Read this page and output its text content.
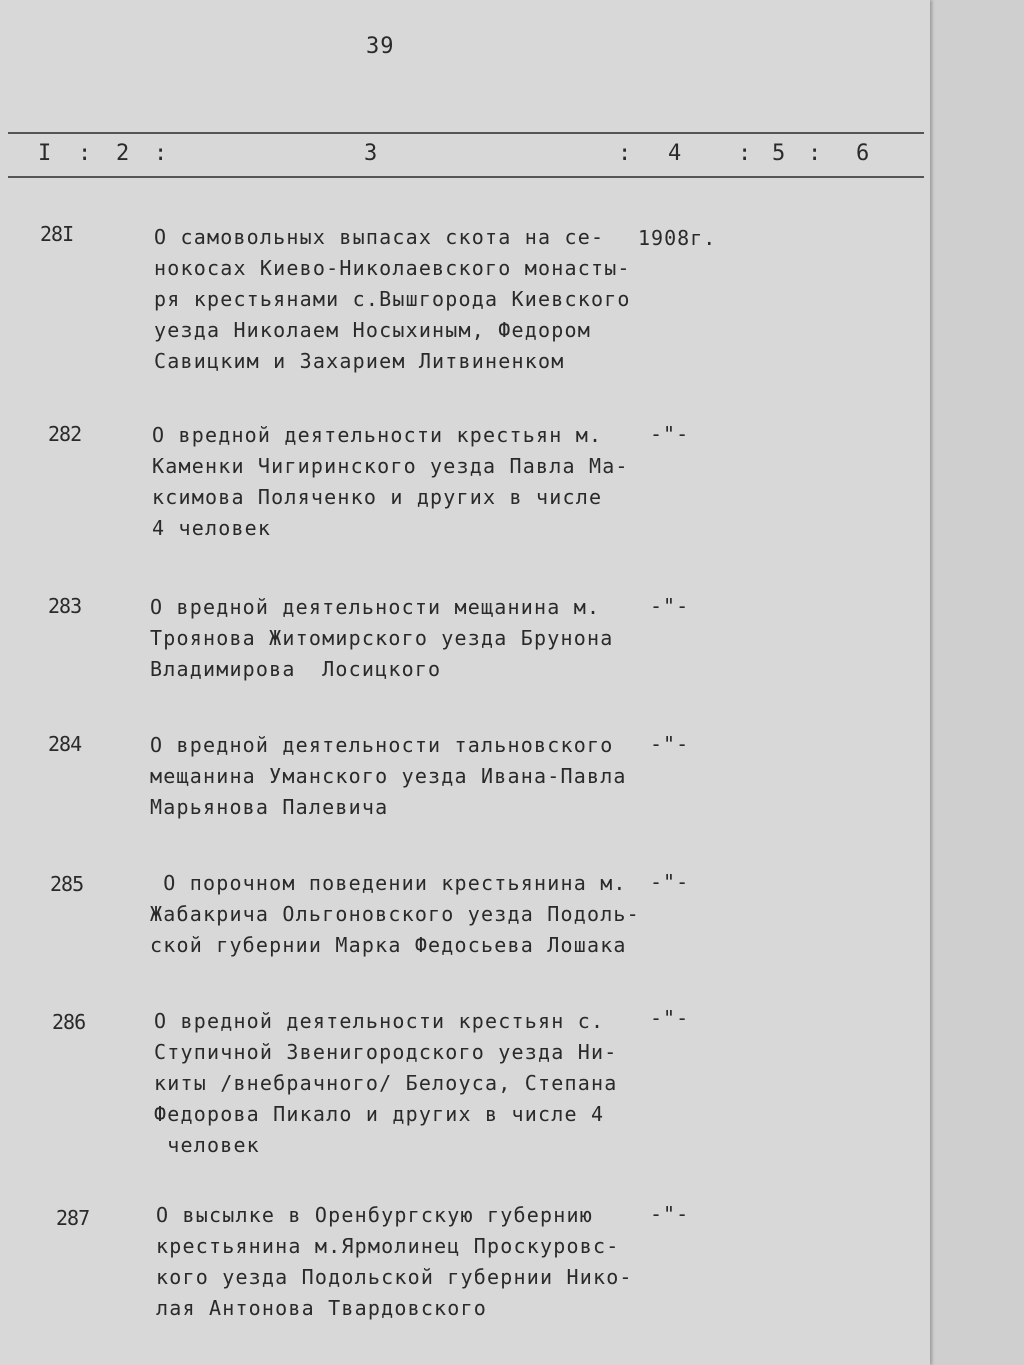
39
I : 2 :	3	: 4 : 5 : 6
28I	О самовольных выпасах скота на се-
нокосах Киево-Николаевского монасты-
ря крестьянами с.Вышгорода Киевского
уезда Николаем Носыхиным, Федором
Савицким и Захарием Литвиненком
1908г.
282	О вредной деятельности крестьян м.
Каменки Чигиринского уезда Павла Ма-
ксимова Поляченко и других в числе
4 человек
-"-
283	О вредной деятельности мещанина м.
Троянова Житомирского уезда Брунона
Владимирова  Лосицкого
-"-
284	О вредной деятельности тальновского
мещанина Уманского уезда Ивана-Павла
Марьянова Палевича
-"-
285	О порочном поведении крестьянина м.
Жабакрича Ольгоновского уезда Подоль-
ской губернии Марка Федосьева Лошака
-"-
286	О вредной деятельности крестьян с.
Ступичной Звенигородского уезда Ни-
киты /внебрачного/ Белоуса, Степана
Федорова Пикало и других в числе 4
человек
-"-
287	О высылке в Оренбургскую губернию
крестьянина м.Ярмолинец Проскуровс-
кого уезда Подольской губернии Нико-
лая Антонова Твардовского
-"-
